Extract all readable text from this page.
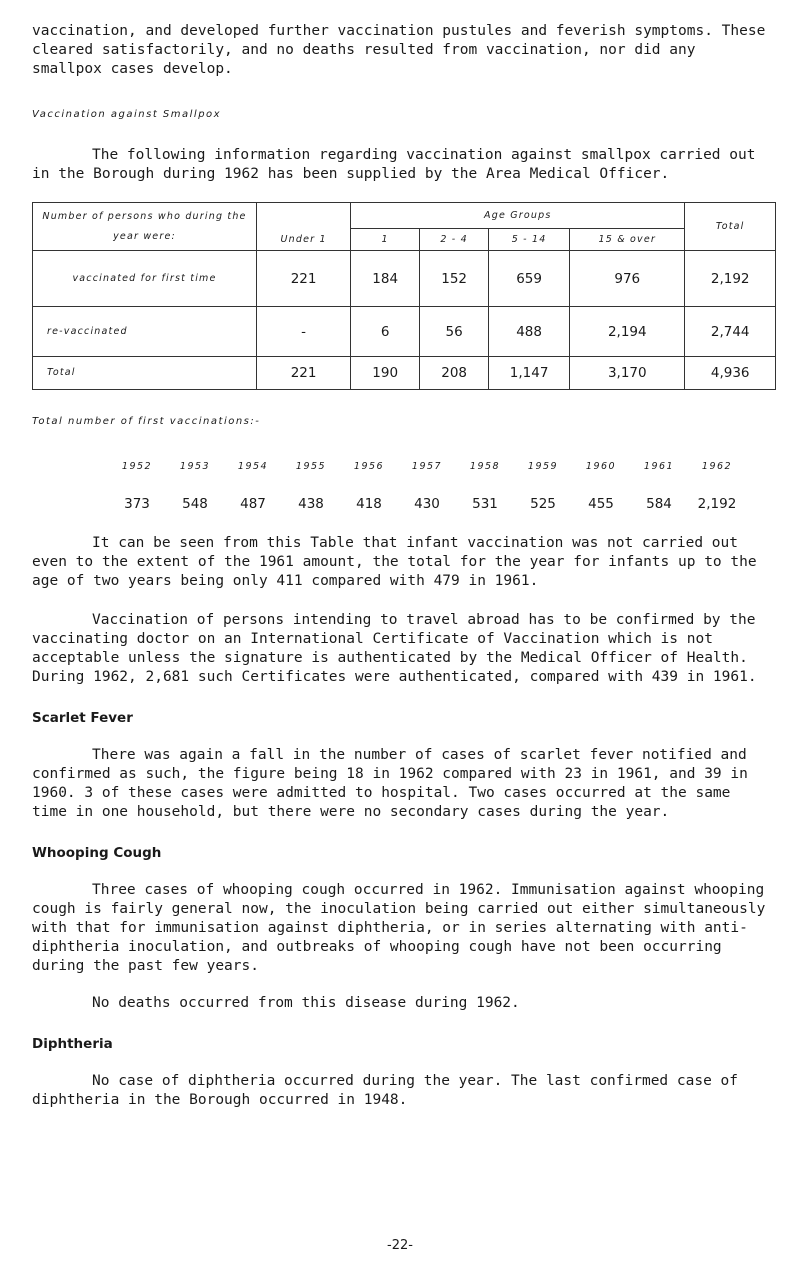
vaccination, and developed further vaccination pustules and feverish symptoms. These cleared satisfactorily, and no deaths resulted from vaccination, nor did any smallpox cases develop.

Vaccination against Smallpox

The following information regarding vaccination against smallpox carried out in the Borough during 1962 has been supplied by the Area Medical Officer.

Number of persons who during the year were:		Age Groups				Total
	Under 1	1	2 - 4	5 - 14	15 & over	
vaccinated for first time	221	184	152	659	976	2,192
re-vaccinated	-	6	56	488	2,194	2,744
Total	221	190	208	1,147	3,170	4,936

Total number of first vaccinations:-

1952	1953	1954	1955	1956	1957	1958	1959	1960	1961	1962
373	548	487	438	418	430	531	525	455	584	2,192

It can be seen from this Table that infant vaccination was not carried out even to the extent of the 1961 amount, the total for the year for infants up to the age of two years being only 411 compared with 479 in 1961.

Vaccination of persons intending to travel abroad has to be confirmed by the vaccinating doctor on an International Certificate of Vaccination which is not acceptable unless the signature is authenticated by the Medical Officer of Health. During 1962, 2,681 such Certificates were authenticated, compared with 439 in 1961.

Scarlet Fever

There was again a fall in the number of cases of scarlet fever notified and confirmed as such, the figure being 18 in 1962 compared with 23 in 1961, and 39 in 1960. 3 of these cases were admitted to hospital. Two cases occurred at the same time in one household, but there were no secondary cases during the year.

Whooping Cough

Three cases of whooping cough occurred in 1962. Immunisation against whooping cough is fairly general now, the inoculation being carried out either simultaneously with that for immunisation against diphtheria, or in series alternating with anti-diphtheria inoculation, and outbreaks of whooping cough have not been occurring during the past few years.

No deaths occurred from this disease during 1962.

Diphtheria

No case of diphtheria occurred during the year. The last confirmed case of diphtheria in the Borough occurred in 1948.

-22-
